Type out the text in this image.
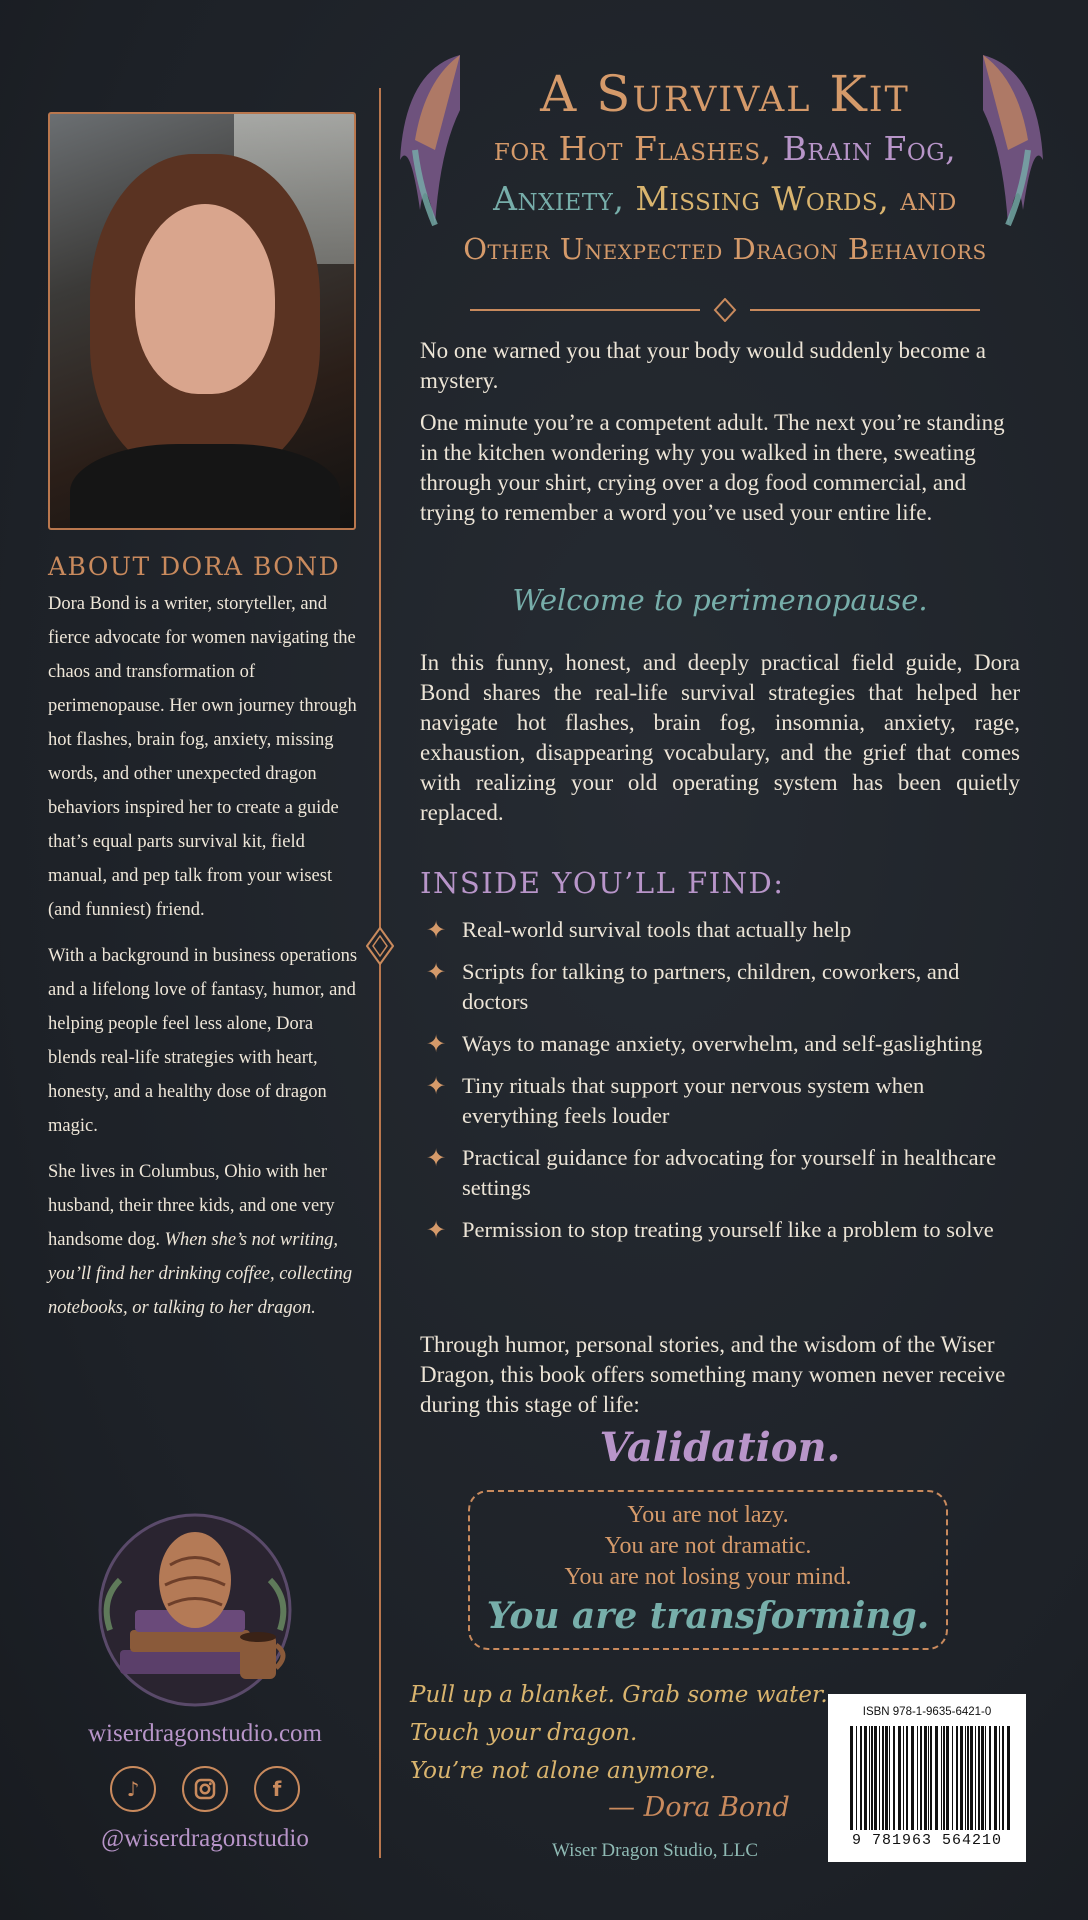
ABOUT DORA BOND

Dora Bond is a writer, storyteller, and fierce advocate for women navigating the chaos and transformation of perimenopause. Her own journey through hot flashes, brain fog, anxiety, missing words, and other unexpected dragon behaviors inspired her to create a guide that’s equal parts survival kit, field manual, and pep talk from your wisest (and funniest) friend.

With a background in business operations and a lifelong love of fantasy, humor, and helping people feel less alone, Dora blends real-life strategies with heart, honesty, and a healthy dose of dragon magic.

She lives in Columbus, Ohio with her husband, their three kids, and one very handsome dog. When she’s not writing, you’ll find her drinking coffee, collecting notebooks, or talking to her dragon.

wiserdragonstudio.com
♪	f
@wiserdragonstudio
A Survival Kit
for Hot Flashes, Brain Fog,
Anxiety, Missing Words, and
Other Unexpected Dragon Behaviors
No one warned you that your body would suddenly become a mystery.
One minute you’re a competent adult. The next you’re standing in the kitchen wondering why you walked in there, sweating through your shirt, crying over a dog food commercial, and trying to remember a word you’ve used your entire life.
Welcome to perimenopause.
In this funny, honest, and deeply practical field guide, Dora Bond shares the real-life survival strategies that helped her navigate hot flashes, brain fog, insomnia, anxiety, rage, exhaustion, disappearing vocabulary, and the grief that comes with realizing your old operating system has been quietly replaced.
INSIDE YOU’LL FIND:
✦ Real-world survival tools that actually help
✦ Scripts for talking to partners, children, coworkers, and doctors
✦ Ways to manage anxiety, overwhelm, and self-gaslighting
✦ Tiny rituals that support your nervous system when everything feels louder
✦ Practical guidance for advocating for yourself in healthcare settings
✦ Permission to stop treating yourself like a problem to solve
Through humor, personal stories, and the wisdom of the Wiser Dragon, this book offers something many women never receive during this stage of life:
Validation.
You are not lazy.
You are not dramatic.
You are not losing your mind.
You are transforming.
Pull up a blanket. Grab some water.
Touch your dragon.
You’re not alone anymore.
— Dora Bond
Wiser Dragon Studio, LLC
ISBN 978-1-9635-6421-0
9 781963 564210
